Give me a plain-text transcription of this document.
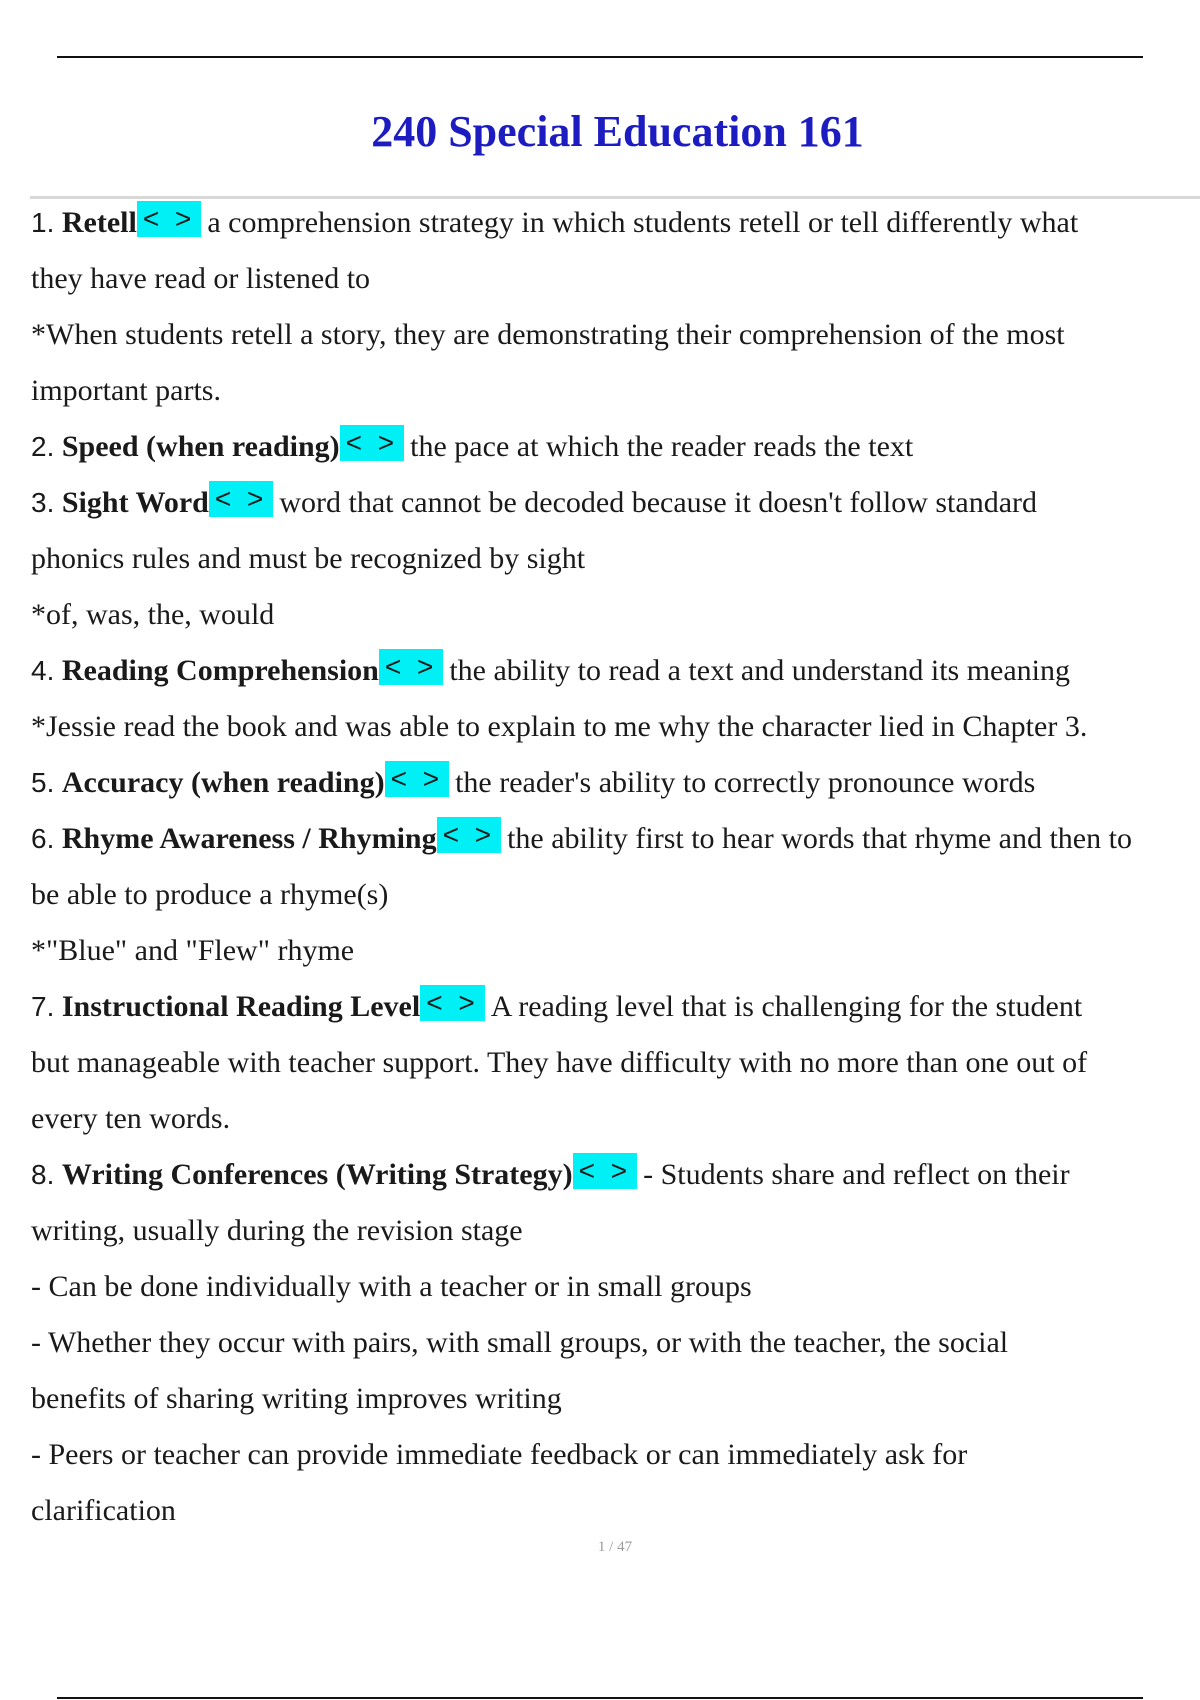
240 Special Education 161
1. Retell < > a comprehension strategy in which students retell or tell differently what
they have read or listened to
*When students retell a story, they are demonstrating their comprehension of the most
important parts.
2. Speed (when reading) < > the pace at which the reader reads the text
3. Sight Word < > word that cannot be decoded because it doesn't follow standard
phonics rules and must be recognized by sight
*of, was, the, would
4. Reading Comprehension < > the ability to read a text and understand its meaning
*Jessie read the book and was able to explain to me why the character lied in Chapter 3.
5. Accuracy (when reading) < > the reader's ability to correctly pronounce words
6. Rhyme Awareness / Rhyming < > the ability first to hear words that rhyme and then to
be able to produce a rhyme(s)
*"Blue" and "Flew" rhyme
7. Instructional Reading Level < > A reading level that is challenging for the student
but manageable with teacher support. They have difficulty with no more than one out of
every ten words.
8. Writing Conferences (Writing Strategy) < > - Students share and reflect on their
writing, usually during the revision stage
- Can be done individually with a teacher or in small groups
- Whether they occur with pairs, with small groups, or with the teacher, the social
benefits of sharing writing improves writing
- Peers or teacher can provide immediate feedback or can immediately ask for
clarification
1 / 47
